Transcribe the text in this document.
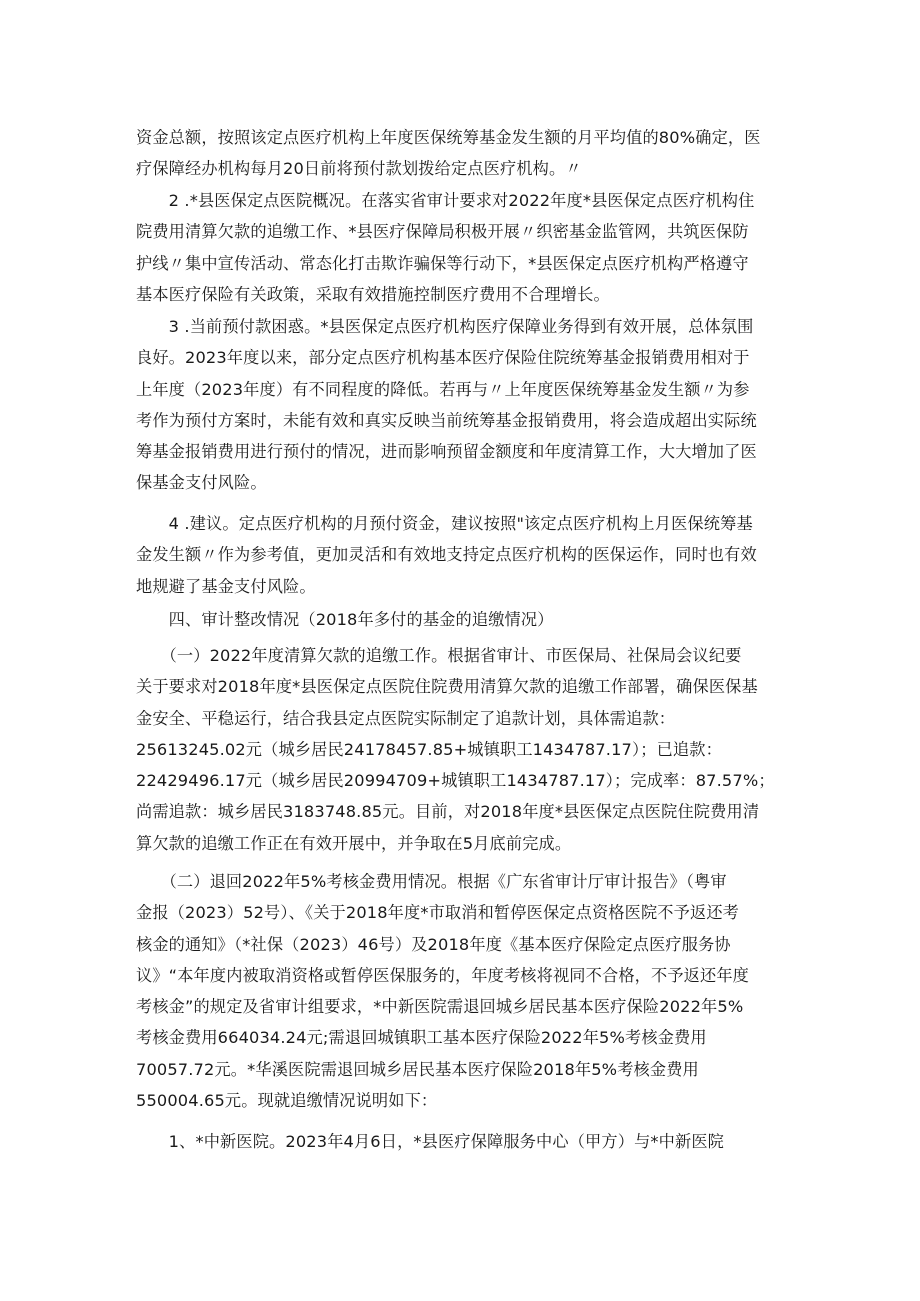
资金总额，按照该定点医疗机构上年度医保统筹基金发生额的月平均值的80%确定，医
疗保障经办机构每月20日前将预付款划拨给定点医疗机构。〃
　　2 .*县医保定点医院概况。在落实省审计要求对2022年度*县医保定点医疗机构住
院费用清算欠款的追缴工作、*县医疗保障局积极开展〃织密基金监管网，共筑医保防
护线〃集中宣传活动、常态化打击欺诈骗保等行动下，*县医保定点医疗机构严格遵守
基本医疗保险有关政策，采取有效措施控制医疗费用不合理增长。
　　3 .当前预付款困惑。*县医保定点医疗机构医疗保障业务得到有效开展，总体氛围
良好。2023年度以来，部分定点医疗机构基本医疗保险住院统筹基金报销费用相对于
上年度（2023年度）有不同程度的降低。若再与〃上年度医保统筹基金发生额〃为参
考作为预付方案时，未能有效和真实反映当前统筹基金报销费用，将会造成超出实际统
筹基金报销费用进行预付的情况，进而影响预留金额度和年度清算工作，大大增加了医
保基金支付风险。
　　4 .建议。定点医疗机构的月预付资金，建议按照"该定点医疗机构上月医保统筹基
金发生额〃作为参考值，更加灵活和有效地支持定点医疗机构的医保运作，同时也有效
地规避了基金支付风险。
　　四、审计整改情况（2018年多付的基金的追缴情况）
　　（一）2022年度清算欠款的追缴工作。根据省审计、市医保局、社保局会议纪要
关于要求对2018年度*县医保定点医院住院费用清算欠款的追缴工作部署，确保医保基
金安全、平稳运行，结合我县定点医院实际制定了追款计划，具体需追款：
25613245.02元（城乡居民24178457.85+城镇职工1434787.17）；已追款：
22429496.17元（城乡居民20994709+城镇职工1434787.17）；完成率：87.57%；
尚需追款：城乡居民3183748.85元。目前，对2018年度*县医保定点医院住院费用清
算欠款的追缴工作正在有效开展中，并争取在5月底前完成。
　　（二）退回2022年5%考核金费用情况。根据《广东省审计厅审计报告》（粤审
金报（2023）52号）、《关于2018年度*市取消和暂停医保定点资格医院不予返还考
核金的通知》（*社保（2023）46号）及2018年度《基本医疗保险定点医疗服务协
议》“本年度内被取消资格或暂停医保服务的，年度考核将视同不合格，不予返还年度
考核金”的规定及省审计组要求，*中新医院需退回城乡居民基本医疗保险2022年5%
考核金费用664034.24元;需退回城镇职工基本医疗保险2022年5%考核金费用
70057.72元。*华溪医院需退回城乡居民基本医疗保险2018年5%考核金费用
550004.65元。现就追缴情况说明如下：
　　1、*中新医院。2023年4月6日，*县医疗保障服务中心（甲方）与*中新医院
